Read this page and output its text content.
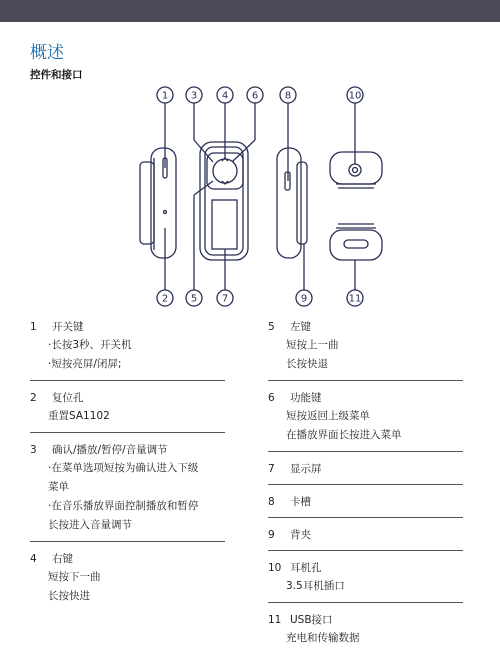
概述
控件和接口
1 3 4 6	8	10
2 5 7	9	11
1 开关键
·长按3秒、开关机
·短按亮屏/闭屏;
2 复位孔
重置SA1102
3 确认/播放/暂停/音量调节
·在菜单选项短按为确认进入下级
菜单
·在音乐播放界面控制播放和暂停
长按进入音量调节
4 右键
短按下一曲
长按快进
5 左键
短按上一曲
长按快退
6 功能键
短按返回上级菜单
在播放界面长按进入菜单
7 显示屏
8 卡槽
9 背夹
10 耳机孔
3.5耳机插口
11 USB接口
充电和传输数据
